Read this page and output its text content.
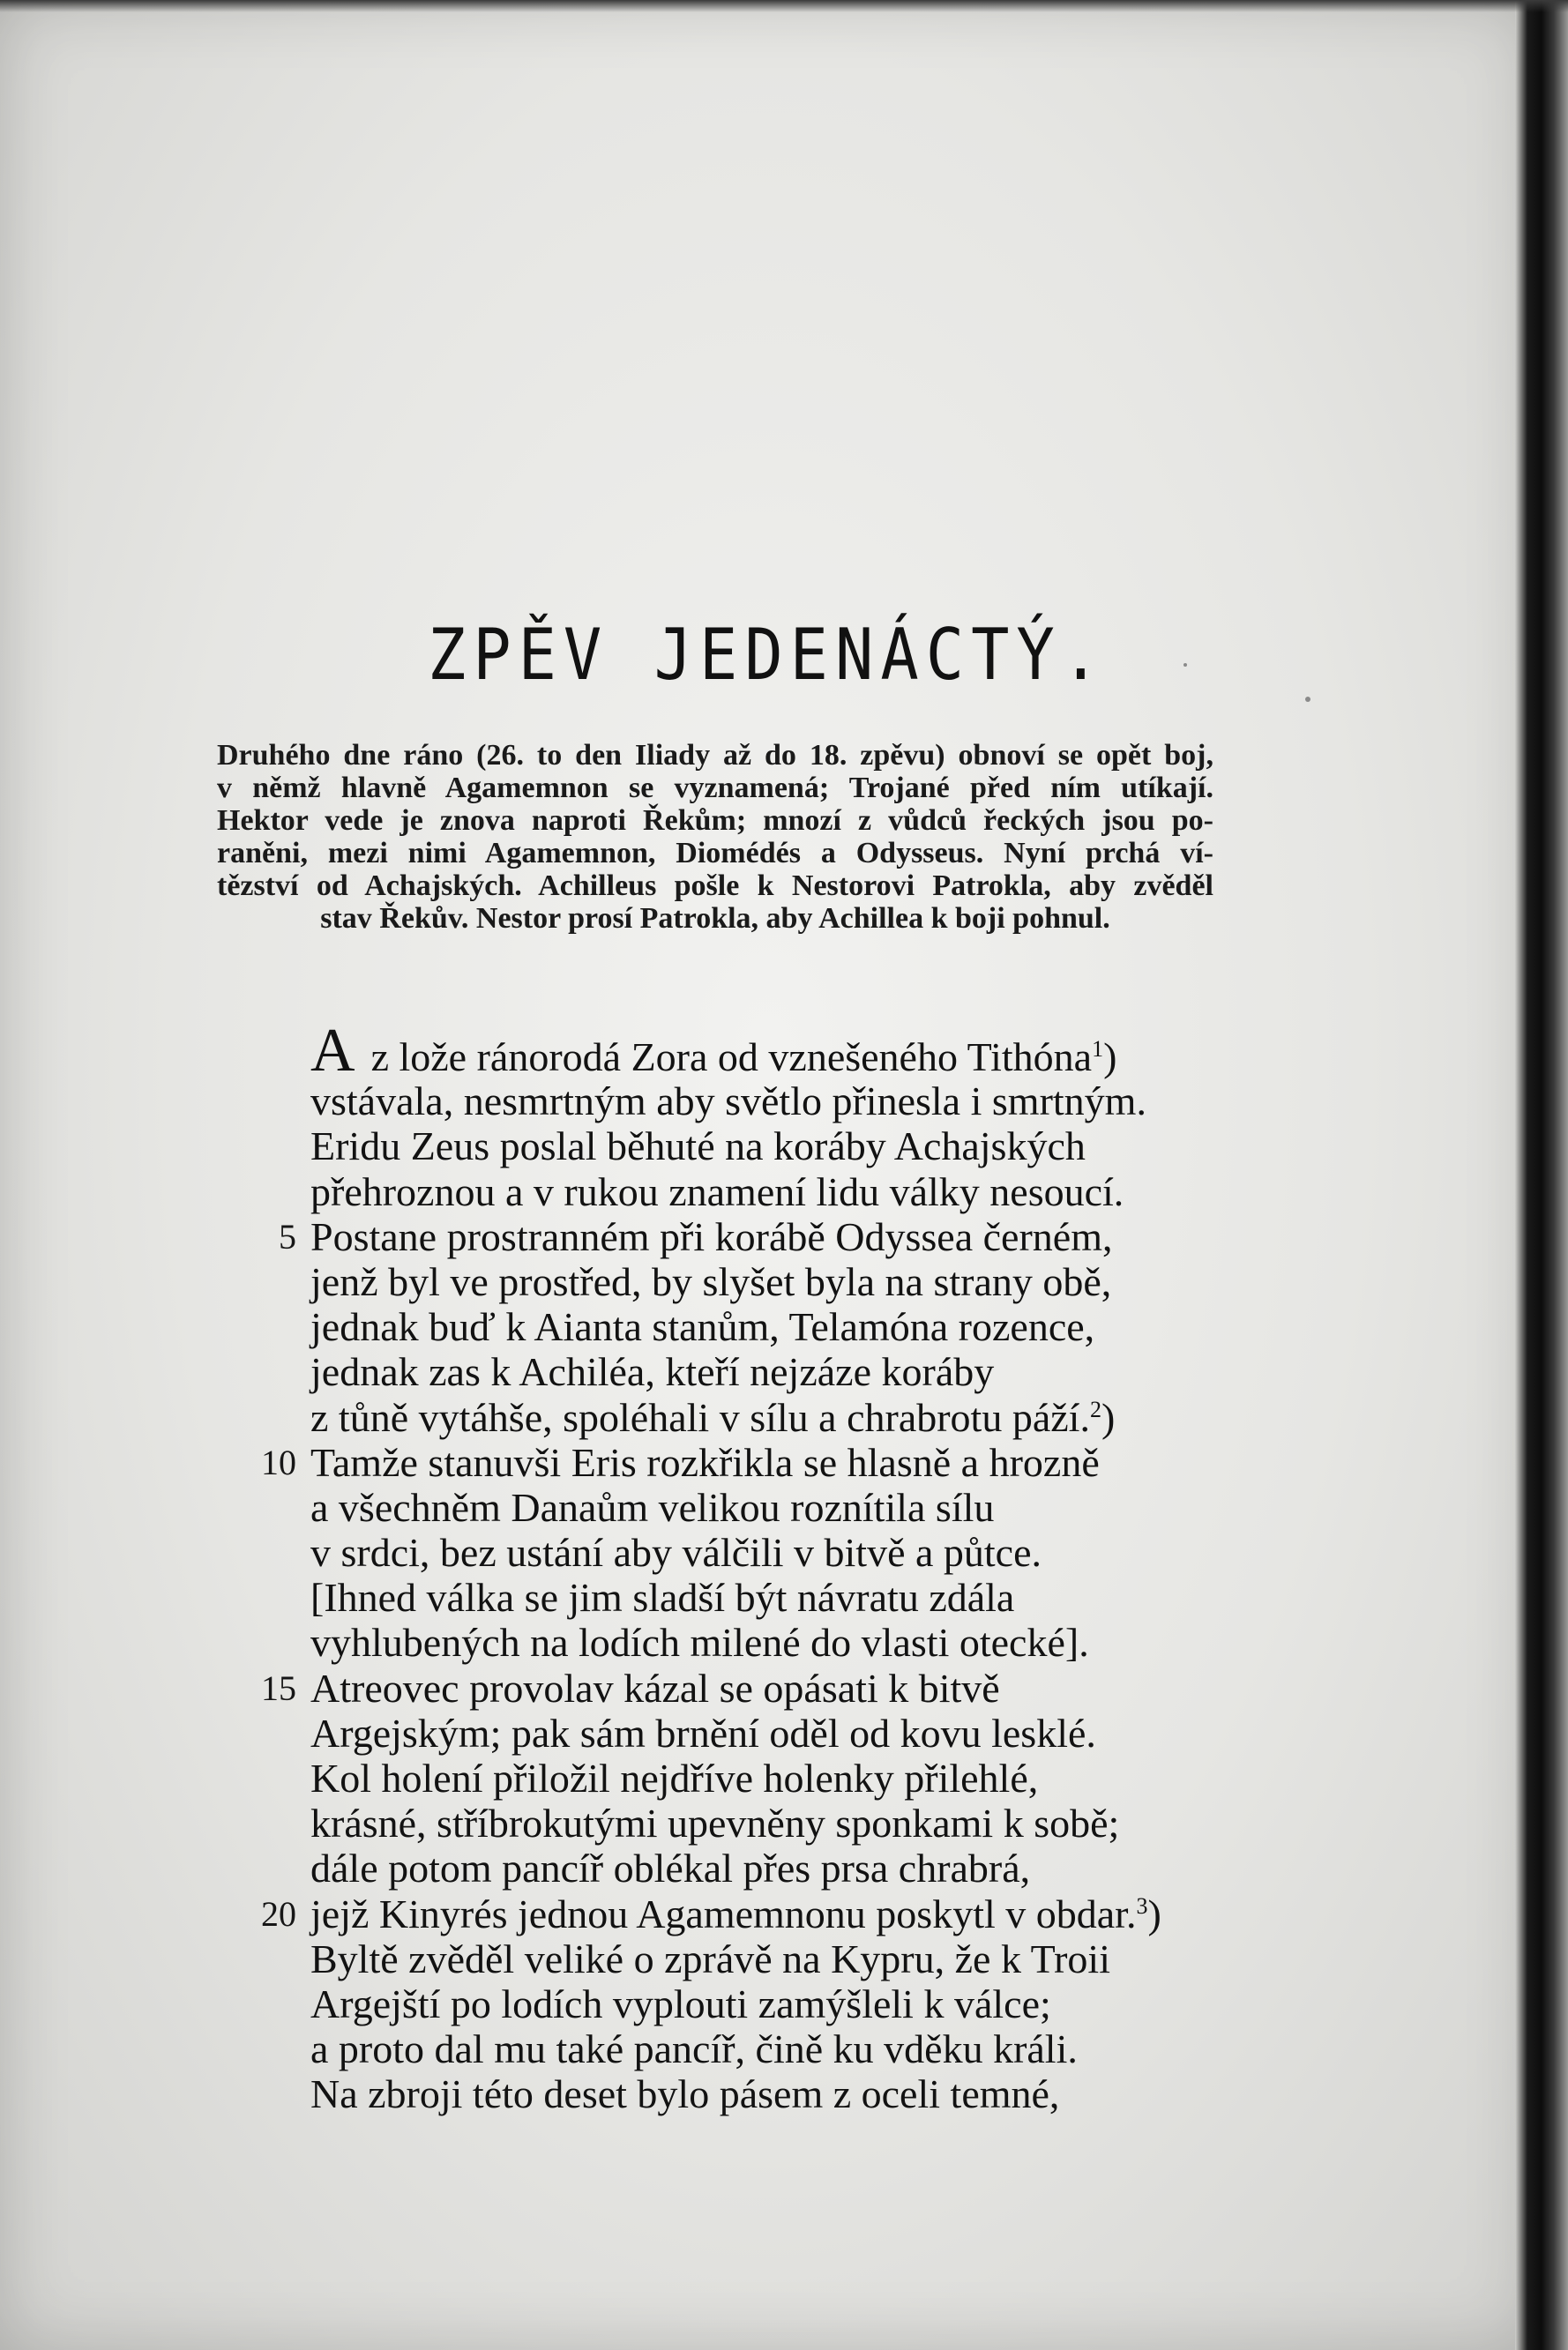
ZPĚV JEDENÁCTÝ.
Druhého dne ráno (26. to den Iliady až do 18. zpěvu) obnoví se opět boj,
v němž hlavně Agamemnon se vyznamená; Trojané před ním utíkají.
Hektor vede je znova naproti Řekům; mnozí z vůdců řeckých jsou po-
raněni, mezi nimi Agamemnon, Diomédés a Odysseus. Nyní prchá ví-
tězství od Achajských. Achilleus pošle k Nestorovi Patrokla, aby zvěděl
stav Řekův. Nestor prosí Patrokla, aby Achillea k boji pohnul.
Az lože ránorodá Zora od vznešeného Tithóna$^1$)
vstávala, nesmrtným aby světlo přinesla i smrtným.
Eridu Zeus poslal běhuté na koráby Achajských
přehroznou a v rukou znamení lidu války nesoucí.
5 Postane prostranném při korábě Odyssea černém,
jenž byl ve prostřed, by slyšet byla na strany obě,
jednak buď k Aianta stanům, Telamóna rozence,
jednak zas k Achiléa, kteří nejzáze koráby
z tůně vytáhše, spoléhali v sílu a chrabrotu páží.$^2$)
10 Tamže stanuvši Eris rozkřikla se hlasně a hrozně
a všechněm Danaům velikou roznítila sílu
v srdci, bez ustání aby válčili v bitvě a půtce.
[Ihned válka se jim sladší být návratu zdála
vyhlubených na lodích milené do vlasti otecké].
15 Atreovec provolav kázal se opásati k bitvě
Argejským; pak sám brnění oděl od kovu lesklé.
Kol holení přiložil nejdříve holenky přilehlé,
krásné, stříbrokutými upevněny sponkami k sobě;
dále potom pancíř oblékal přes prsa chrabrá,
20 jejž Kinyrés jednou Agamemnonu poskytl v obdar.$^3$)
Byltě zvěděl veliké o zprávě na Kypru, že k Troii
Argejští po lodích vyplouti zamýšleli k válce;
a proto dal mu také pancíř, čině ku vděku králi.
Na zbroji této deset bylo pásem z oceli temné,
